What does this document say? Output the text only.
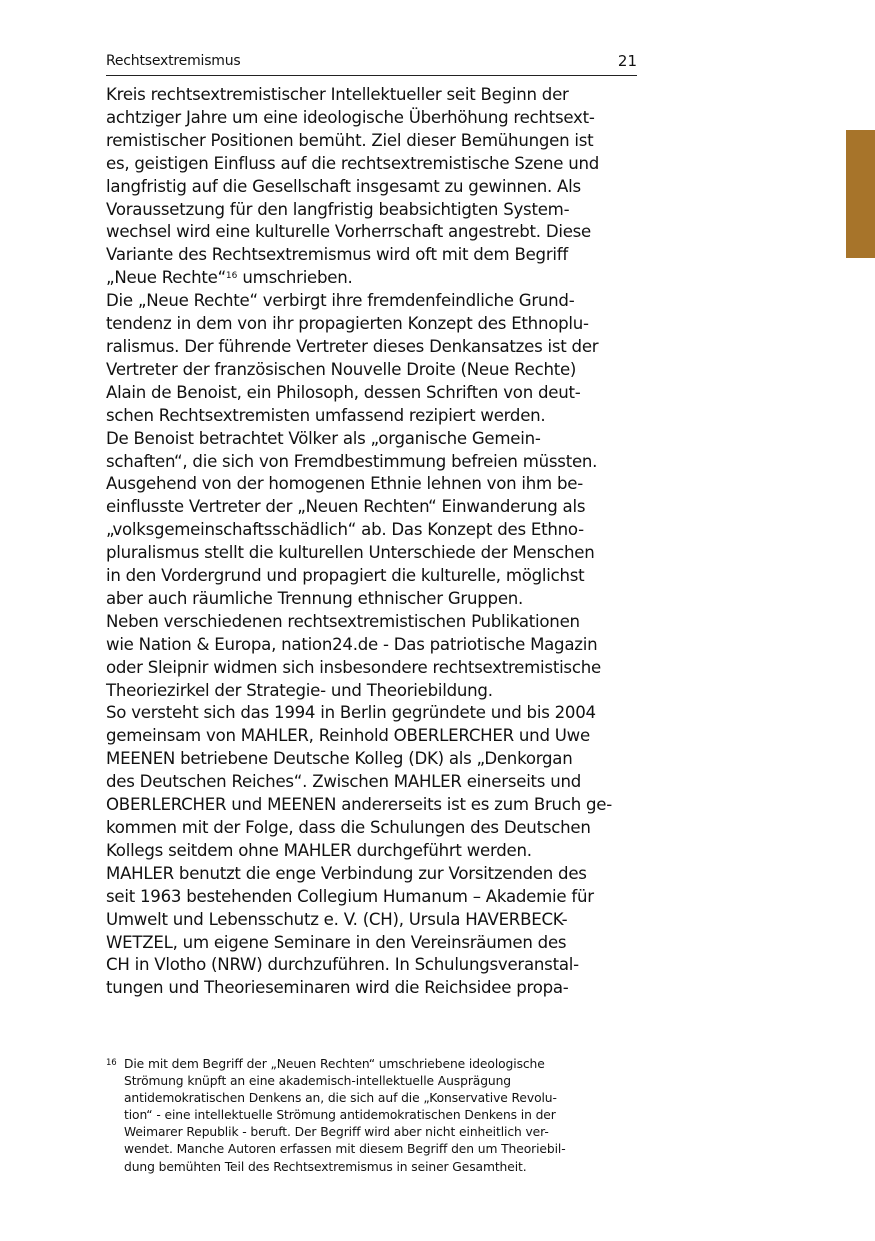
Rechtsextremismus	21
Kreis rechtsextremistischer Intellektueller seit Beginn der
achtziger Jahre um eine ideologische Überhöhung rechtsext-
remistischer Positionen bemüht. Ziel dieser Bemühungen ist
es, geistigen Einfluss auf die rechtsextremistische Szene und
langfristig auf die Gesellschaft insgesamt zu gewinnen. Als
Voraussetzung für den langfristig beabsichtigten System-
wechsel wird eine kulturelle Vorherrschaft angestrebt. Diese
Variante des Rechtsextremismus wird oft mit dem Begriff
„Neue Rechte“$^{16}$ umschrieben.
Die „Neue Rechte“ verbirgt ihre fremdenfeindliche Grund-
tendenz in dem von ihr propagierten Konzept des Ethnoplu-
ralismus. Der führende Vertreter dieses Denkansatzes ist der
Vertreter der französischen Nouvelle Droite (Neue Rechte)
Alain de Benoist, ein Philosoph, dessen Schriften von deut-
schen Rechtsextremisten umfassend rezipiert werden.
De Benoist betrachtet Völker als „organische Gemein-
schaften“, die sich von Fremdbestimmung befreien müssten.
Ausgehend von der homogenen Ethnie lehnen von ihm be-
einflusste Vertreter der „Neuen Rechten“ Einwanderung als
„volksgemeinschaftsschädlich“ ab. Das Konzept des Ethno-
pluralismus stellt die kulturellen Unterschiede der Menschen
in den Vordergrund und propagiert die kulturelle, möglichst
aber auch räumliche Trennung ethnischer Gruppen.
Neben verschiedenen rechtsextremistischen Publikationen
wie Nation & Europa, nation24.de - Das patriotische Magazin
oder Sleipnir widmen sich insbesondere rechtsextremistische
Theoriezirkel der Strategie- und Theoriebildung.
So versteht sich das 1994 in Berlin gegründete und bis 2004
gemeinsam von MAHLER, Reinhold OBERLERCHER und Uwe
MEENEN betriebene Deutsche Kolleg (DK) als „Denkorgan
des Deutschen Reiches“. Zwischen MAHLER einerseits und
OBERLERCHER und MEENEN andererseits ist es zum Bruch ge-
kommen mit der Folge, dass die Schulungen des Deutschen
Kollegs seitdem ohne MAHLER durchgeführt werden.
MAHLER benutzt die enge Verbindung zur Vorsitzenden des
seit 1963 bestehenden Collegium Humanum – Akademie für
Umwelt und Lebensschutz e. V. (CH), Ursula HAVERBECK-
WETZEL, um eigene Seminare in den Vereinsräumen des
CH in Vlotho (NRW) durchzuführen. In Schulungsveranstal-
tungen und Theorieseminaren wird die Reichsidee propa-
16 Die mit dem Begriff der „Neuen Rechten“ umschriebene ideologische
Strömung knüpft an eine akademisch-intellektuelle Ausprägung
antidemokratischen Denkens an, die sich auf die „Konservative Revolu-
tion“ - eine intellektuelle Strömung antidemokratischen Denkens in der
Weimarer Republik - beruft. Der Begriff wird aber nicht einheitlich ver-
wendet. Manche Autoren erfassen mit diesem Begriff den um Theoriebil-
dung bemühten Teil des Rechtsextremismus in seiner Gesamtheit.
